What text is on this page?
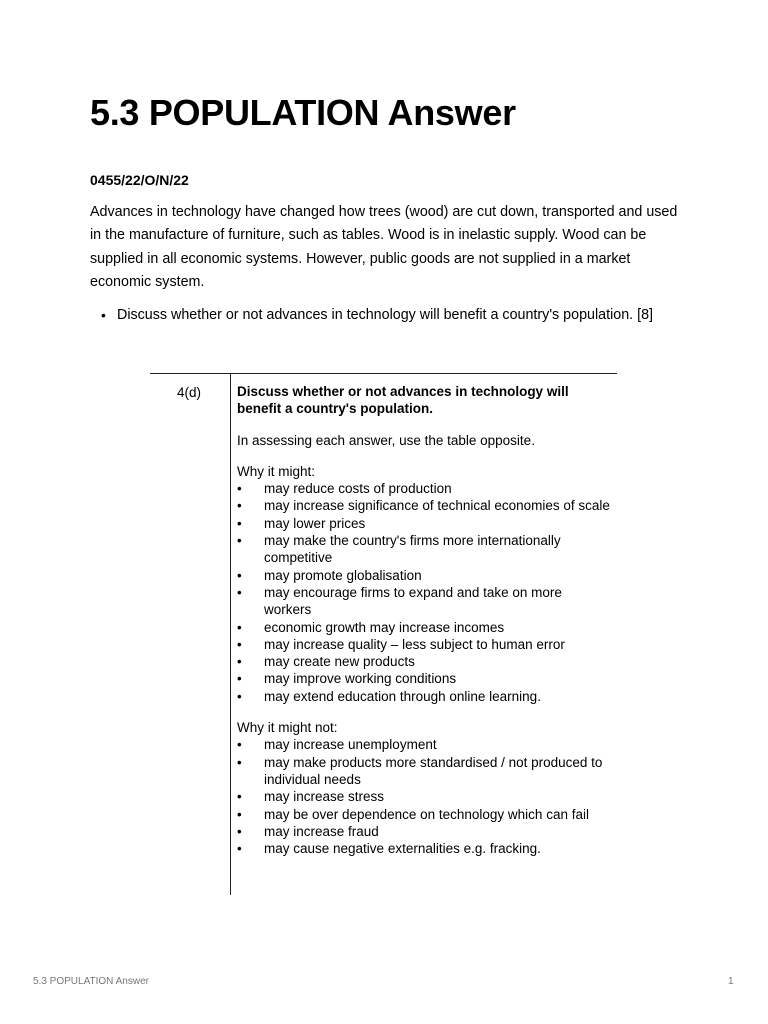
5.3 POPULATION Answer
0455/22/O/N/22

Advances in technology have changed how trees (wood) are cut down, transported and used in the manufacture of furniture, such as tables. Wood is in inelastic supply. Wood can be supplied in all economic systems. However, public goods are not supplied in a market economic system.

• Discuss whether or not advances in technology will benefit a country's population. [8]
4(d)	Discuss whether or not advances in technology will benefit a country's population.
In assessing each answer, use the table opposite.
Why it might:
• may reduce costs of production
• may increase significance of technical economies of scale
• may lower prices
• may make the country's firms more internationally competitive
• may promote globalisation
• may encourage firms to expand and take on more workers
• economic growth may increase incomes
• may increase quality – less subject to human error
• may create new products
• may improve working conditions
• may extend education through online learning.
Why it might not:
• may increase unemployment
• may make products more standardised / not produced to individual needs
• may increase stress
• may be over dependence on technology which can fail
• may increase fraud
• may cause negative externalities e.g. fracking.
5.3 POPULATION Answer	1
